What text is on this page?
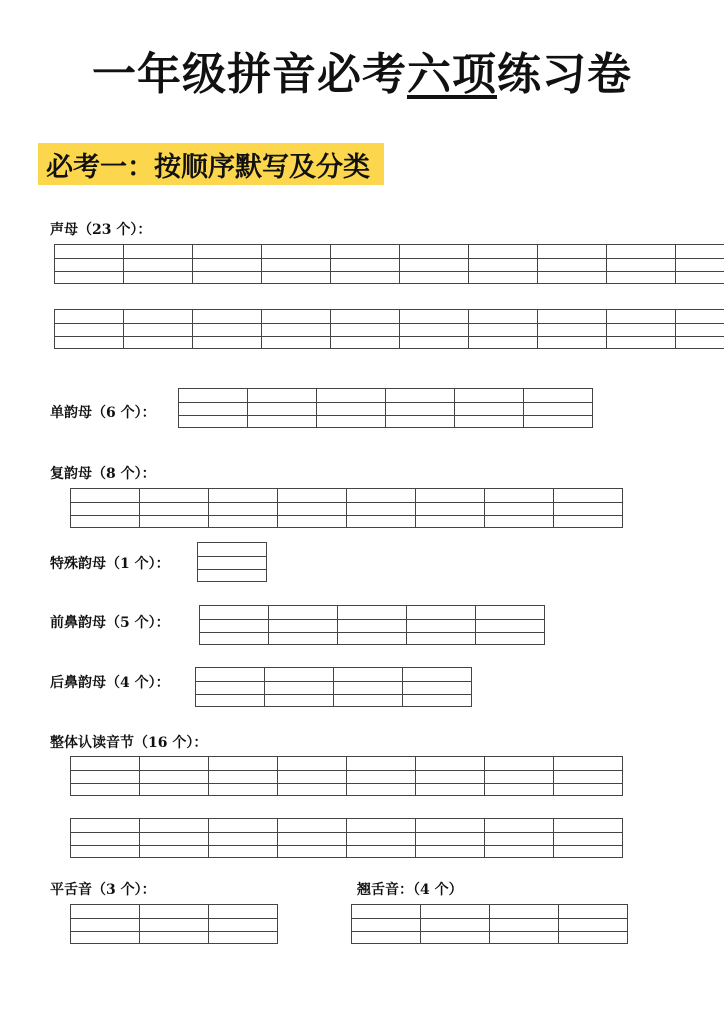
一年级拼音必考六项练习卷
必考一：按顺序默写及分类
声母（23 个）：
单韵母（6 个）：
复韵母（8 个）：
特殊韵母（1 个）：
前鼻韵母（5 个）：
后鼻韵母（4 个）：
整体认读音节（16 个）：
平舌音（3 个）：	翘舌音：（4 个）
